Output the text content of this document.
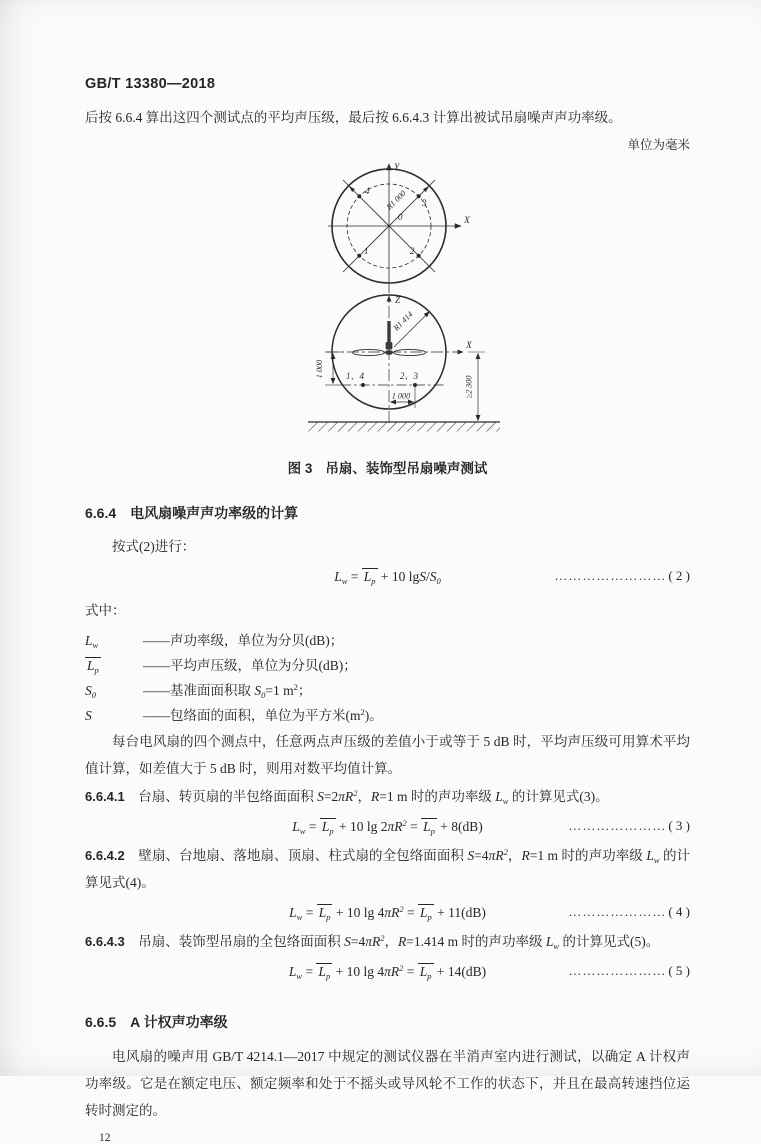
GB/T 13380—2018
后按 6.6.4 算出这四个测试点的平均声压级，最后按 6.6.4.3 计算出被试吊扇噪声声功率级。
单位为毫米
Y
X
4
3
0
1	2
R1 000
Z
X
R1 414
1、4	2、3
1 000
1 000	≥2 300
图 3 吊扇、装饰型吊扇噪声测试
6.6.4 电风扇噪声声功率级的计算
按式(2)进行：
$L_w = L_p + 10$ lgS/$S_0$	…………………… ( 2 )
式中：
$L_w$	——声功率级，单位为分贝(dB)；
$L_p$	——平均声压级，单位为分贝(dB)；
$S_0$	——基准面面积取 $S_0=1$ $m^2$；
S	——包络面的面积，单位为平方米$(m^2)$。
每台电风扇的四个测点中，任意两点声压级的差值小于或等于 5 dB 时，平均声压级可用算术平均值计算，如差值大于 5 dB 时，则用对数平均值计算。
6.6.4.1　台扇、转页扇的半包络面面积 $S=2\pi R^2$，R=1 m 时的声功率级 $L_w$ 的计算见式(3)。
$L_w = L_p + 10$ $\lg 2\pi R^2 = L_p + 8(dB)$	………………… ( 3 )
6.6.4.2　壁扇、台地扇、落地扇、顶扇、柱式扇的全包络面面积 $S=4\pi R^2$，R=1 m 时的声功率级 $L_w$ 的计算见式(4)。
$L_w = L_p + 10$ $\lg 4\pi R^2 = L_p + 11(dB)$	………………… ( 4 )
6.6.4.3　吊扇、装饰型吊扇的全包络面面积 $S=4\pi R^2$，R=1.414 m 时的声功率级 $L_w$ 的计算见式(5)。
$L_w = L_p + 10$ $\lg 4\pi R^2 = L_p + 14(dB)$	………………… ( 5 )
6.6.5 A 计权声功率级
电风扇的噪声用 GB/T 4214.1—2017 中规定的测试仪器在半消声室内进行测试，以确定 A 计权声功率级。它是在额定电压、额定频率和处于不摇头或导风轮不工作的状态下，并且在最高转速挡位运转时测定的。
12
